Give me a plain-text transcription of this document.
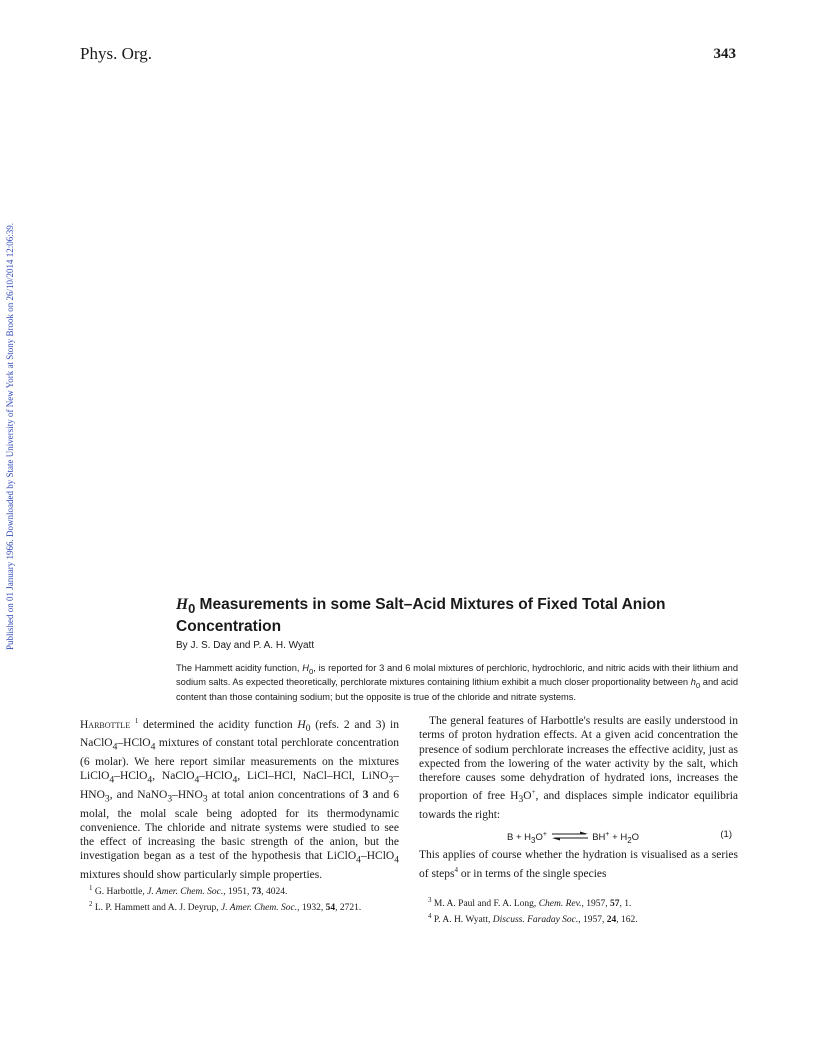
Phys. Org.	343
Published on 01 January 1966. Downloaded by State University of New York at Stony Brook on 26/10/2014 12:06:39.	$H_0$ Measurements in some Salt–Acid Mixtures of Fixed Total Anion Concentration
By J. S. Day and P. A. H. Wyatt
The Hammett acidity function, $H_0$, is reported for 3 and 6 molal mixtures of perchloric, hydrochloric, and nitric acids with their lithium and sodium salts. As expected theoretically, perchlorate mixtures containing lithium exhibit a much closer proportionality between $h_0$ and acid content than those containing sodium; but the opposite is true of the chloride and nitrate systems.

Harbottle $^1$ determined the acidity function $H_0$ (refs. 2 and 3) in NaClO$_4$–HClO$_4$ mixtures of constant total perchlorate concentration (6 molar). We here report similar measurements on the mixtures LiClO$_4$–HClO$_4$, NaClO$_4$–HClO$_4$, LiCl–HCl, NaCl–HCl, $LiNO_3-HNO_3$, and $NaNO_3-HNO_3$ at total anion concentrations of 3 and 6 molal, the molal scale being adopted for its thermodynamic convenience. The chloride and nitrate systems were studied to see the effect of increasing the basic strength of the anion, but the investigation began as a test of the hypothesis that LiClO$_4$–HClO$_4$ mixtures should show particularly simple properties.

The general features of Harbottle's results are easily understood in terms of proton hydration effects. At a given acid concentration the presence of sodium perchlorate increases the effective acidity, just as expected from the lowering of the water activity by the salt, which therefore causes some dehydration of hydrated ions, increases the proportion of free $H_3O^+$, and displaces simple indicator equilibria towards the right:

$B + H_3O^+$	$BH^+ + H_2O$	(1)

This applies of course whether the hydration is visualised as a series of steps$^4$ or in terms of the single species

$^1$ G. Harbottle, J. Amer. Chem. Soc., 1951, 73, 4024.

$^2$ L. P. Hammett and A. J. Deyrup, J. Amer. Chem. Soc., 1932, 54, 2721.

$^3$ M. A. Paul and F. A. Long, Chem. Rev., 1957, 57, 1.

$^4$ P. A. H. Wyatt, Discuss. Faraday Soc., 1957, 24, 162.
